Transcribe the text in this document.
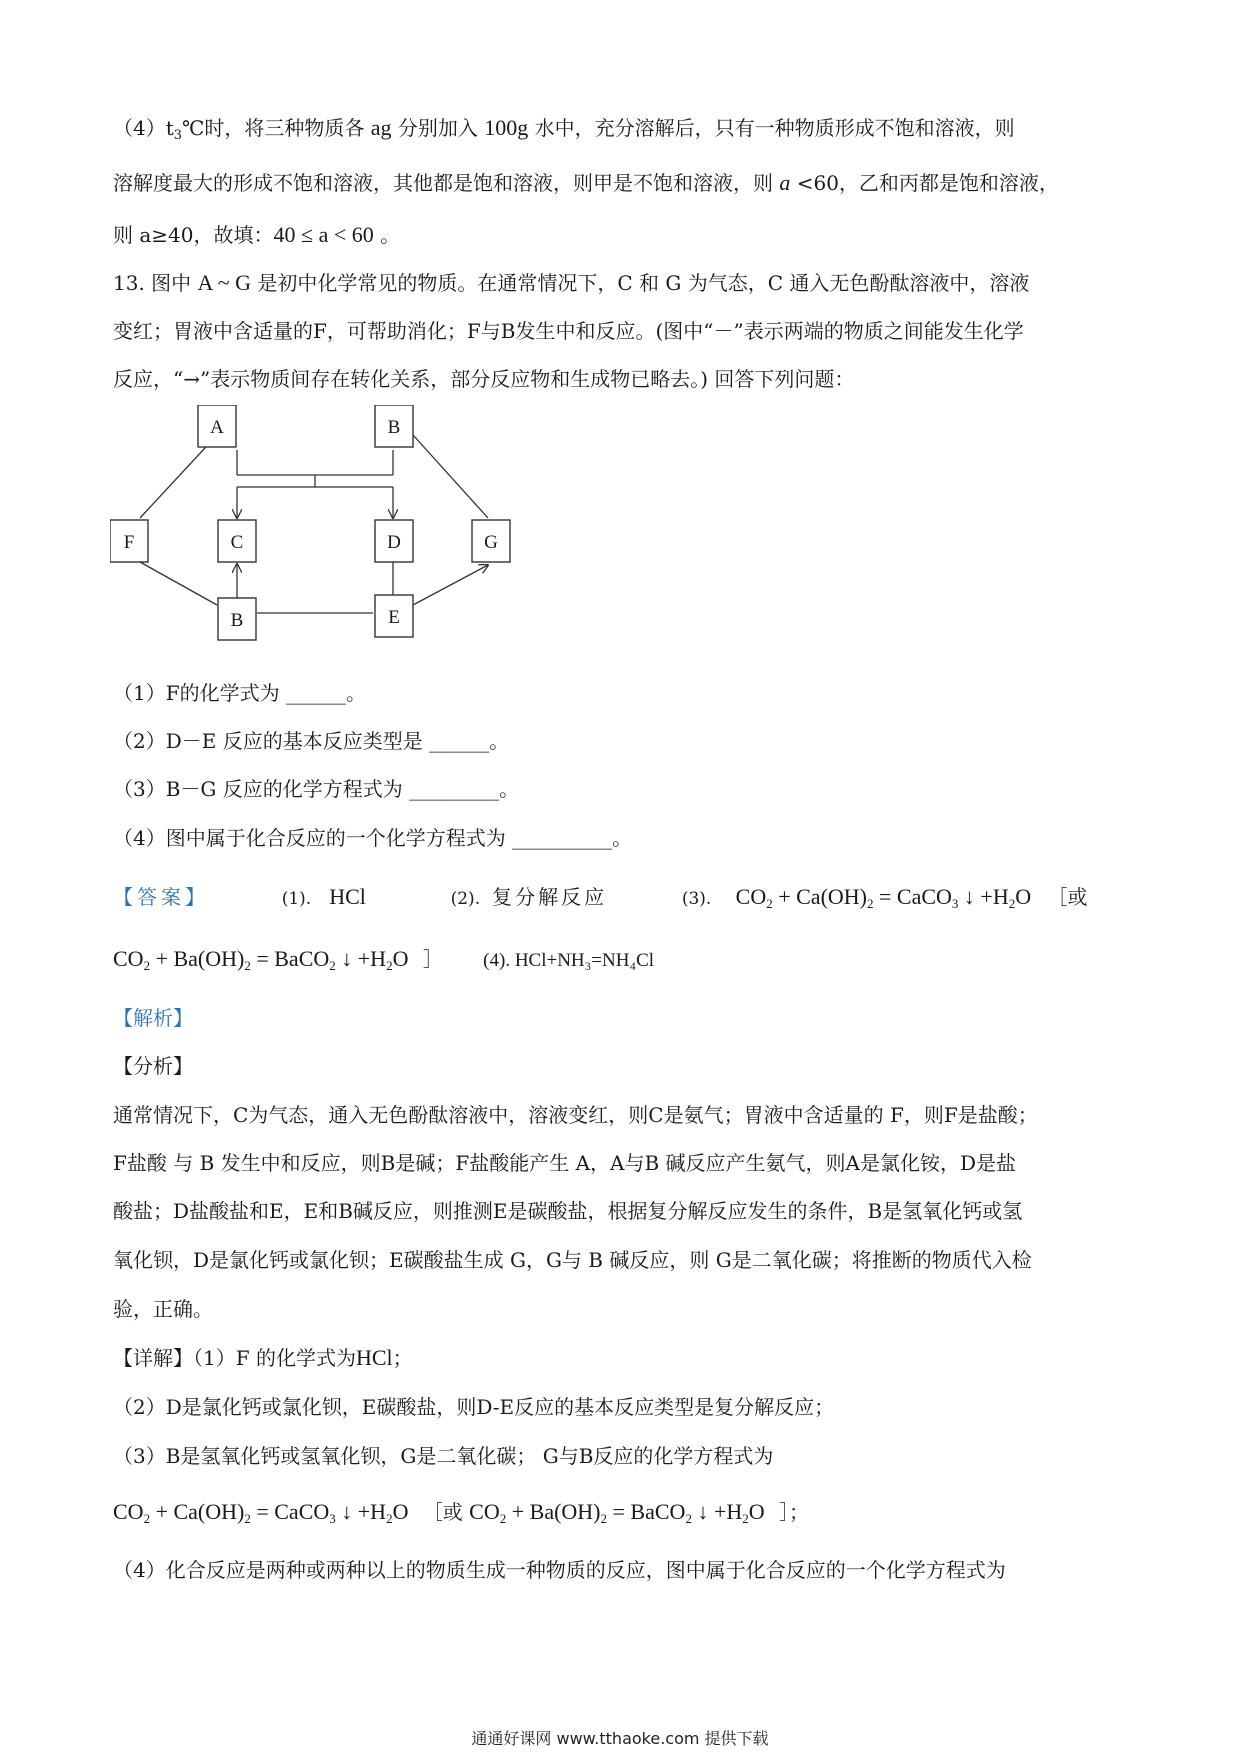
$(4)t_3℃$时，将三种物质各 ag 分别加入 100g 水中，充分溶解后，只有一种物质形成不饱和溶液，则
溶解度最大的形成不饱和溶液，其他都是饱和溶液，则甲是不饱和溶液，则 a <60，乙和丙都是饱和溶液，
则 a≥40，故填：40 ≤ a < 60 。
13. 图中 A ~ G 是初中化学常见的物质。在通常情况下，C 和 G 为气态，C 通入无色酚酞溶液中，溶液
变红；胃液中含适量的F，可帮助消化；F与B发生中和反应。(图中“－”表示两端的物质之间能发生化学
反应，“→”表示物质间存在转化关系，部分反应物和生成物已略去。) 回答下列问题：
A	B
F	C	D	G
B	E
（1）F的化学式为 ______。
（2）D－E 反应的基本反应类型是 ______。
（3）B－G 反应的化学方程式为 _________。
（4）图中属于化合反应的一个化学方程式为 __________。
【答案】	(1). HCl	(2). 复分解反应	(3). $CO_2 + Ca(OH)_2$ = CaCO$_3$ ↓ $+H_2O$ ［或
$CO_2 + Ba(OH)_2$ = BaCO$_2$ ↓ $+H_2O$ ］ (4). HCl+NH₃=NH₄Cl
【解析】
【分析】
通常情况下，C为气态，通入无色酚酞溶液中，溶液变红，则C是氨气；胃液中含适量的 F，则F是盐酸；
F盐酸 与 B 发生中和反应，则B是碱；F盐酸能产生 A，A与B 碱反应产生氨气，则A是氯化铵，D是盐
酸盐；D盐酸盐和E，E和B碱反应，则推测E是碳酸盐，根据复分解反应发生的条件，B是氢氧化钙或氢
氧化钡，D是氯化钙或氯化钡；E碳酸盐生成 G，G与 B 碱反应，则 G是二氧化碳；将推断的物质代入检
验，正确。
【详解】（1）F 的化学式为HCl；
（2）D是氯化钙或氯化钡，E碳酸盐，则D-E反应的基本反应类型是复分解反应；
（3）B是氢氧化钙或氢氧化钡，G是二氧化碳； G与B反应的化学方程式为
$CO_2 + Ca(OH)_2$ = CaCO$_3$ ↓ $+H_2O$ ［或 $CO_2 + Ba(OH)_2$ = BaCO$_2$ ↓ $+H_2O$ ］；
（4）化合反应是两种或两种以上的物质生成一种物质的反应，图中属于化合反应的一个化学方程式为
通通好课网 www.tthaoke.com 提供下载
